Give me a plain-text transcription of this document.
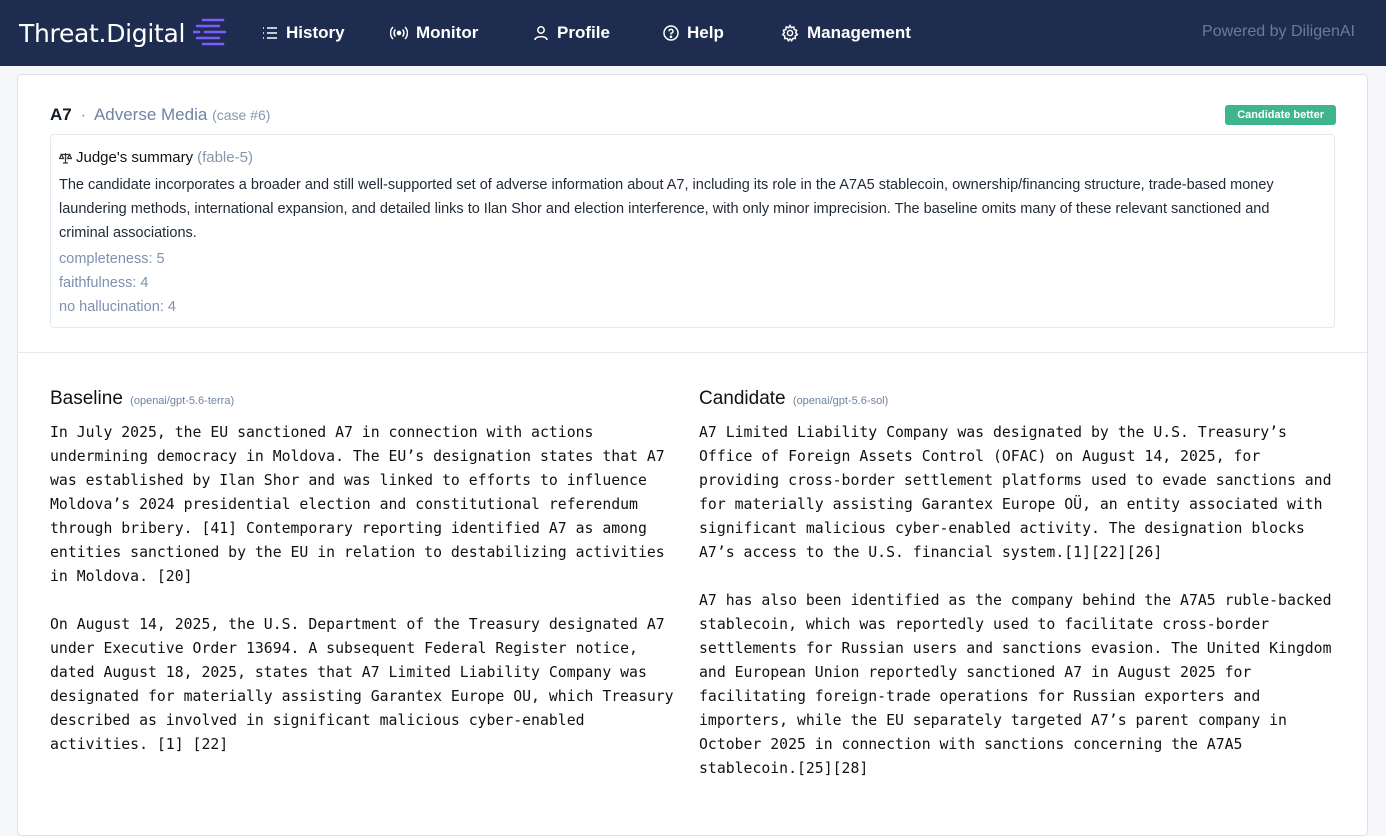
Threat.Digital	History	Monitor	Profile	Help	Management	Powered by DiligenAI
A7 · Adverse Media (case #6)	Candidate better
Judge's summary (fable-5)
The candidate incorporates a broader and still well-supported set of adverse information about A7, including its role in the A7A5 stablecoin, ownership/financing structure, trade-based money laundering methods, international expansion, and detailed links to Ilan Shor and election interference, with only minor imprecision. The baseline omits many of these relevant sanctioned and criminal associations.
completeness: 5
faithfulness: 4
no hallucination: 4
Baseline (openai/gpt-5.6-terra)

In July 2025, the EU sanctioned A7 in connection with actions undermining democracy in Moldova. The EU’s designation states that A7 was established by Ilan Shor and was linked to efforts to influence Moldova’s 2024 presidential election and constitutional referendum through bribery. [41] Contemporary reporting identified A7 as among entities sanctioned by the EU in relation to destabilizing activities in Moldova. [20]

On August 14, 2025, the U.S. Department of the Treasury designated A7 under Executive Order 13694. A subsequent Federal Register notice, dated August 18, 2025, states that A7 Limited Liability Company was designated for materially assisting Garantex Europe OU, which Treasury described as involved in significant malicious cyber-enabled activities. [1] [22]

Candidate (openai/gpt-5.6-sol)

A7 Limited Liability Company was designated by the U.S. Treasury’s Office of Foreign Assets Control (OFAC) on August 14, 2025, for providing cross-border settlement platforms used to evade sanctions and for materially assisting Garantex Europe OÜ, an entity associated with significant malicious cyber-enabled activity. The designation blocks A7’s access to the U.S. financial system.[1][22][26]

A7 has also been identified as the company behind the A7A5 ruble-backed stablecoin, which was reportedly used to facilitate cross-border settlements for Russian users and sanctions evasion. The United Kingdom and European Union reportedly sanctioned A7 in August 2025 for facilitating foreign-trade operations for Russian exporters and importers, while the EU separately targeted A7’s parent company in October 2025 in connection with sanctions concerning the A7A5 stablecoin.[25][28]
